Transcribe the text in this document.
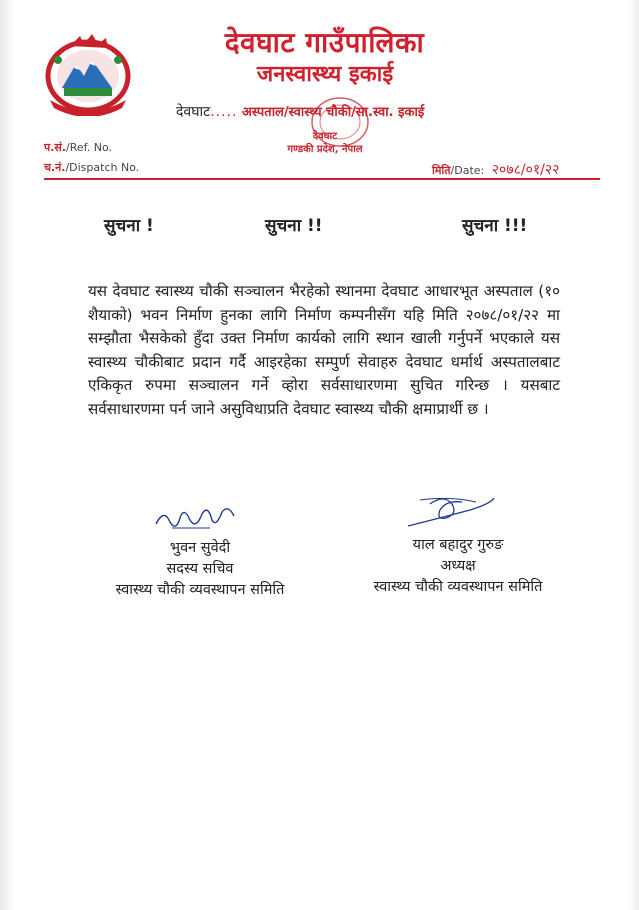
देवघाट गाउँपालिका
जनस्वास्थ्य इकाई
देवघाट..... अस्पताल/स्वास्थ्य चौकी/सा.स्वा. इकाई
देवघाट
गण्डकी प्रदेश, नेपाल
प.सं./Ref. No.
च.नं./Dispatch No.	मिति/Date: २०७८/०१/२२
सुचना !	सुचना !!	सुचना !!!
यस देवघाट स्वास्थ्य चौकी सञ्चालन भैरहेको स्थानमा देवघाट आधारभूत अस्पताल (१० शैयाको) भवन निर्माण हुनका लागि निर्माण कम्पनीसँग यहि मिति २०७८/०१/२२ मा सम्झौता भैसकेको हुँदा उक्त निर्माण कार्यको लागि स्थान खाली गर्नुपर्ने भएकाले यस स्वास्थ्य चौकीबाट प्रदान गर्दै आइरहेका सम्पुर्ण सेवाहरु देवघाट धर्मार्थ अस्पतालबाट एकिकृत रुपमा सञ्चालन गर्ने व्होरा सर्वसाधारणमा सुचित गरिन्छ । यसबाट सर्वसाधारणमा पर्न जाने असुविधाप्रति देवघाट स्वास्थ्य चौकी क्षमाप्रार्थी छ ।
भुवन सुवेदी
सदस्य सचिव
स्वास्थ्य चौकी व्यवस्थापन समिति
याल बहादुर गुरुङ
अध्यक्ष
स्वास्थ्य चौकी व्यवस्थापन समिति
